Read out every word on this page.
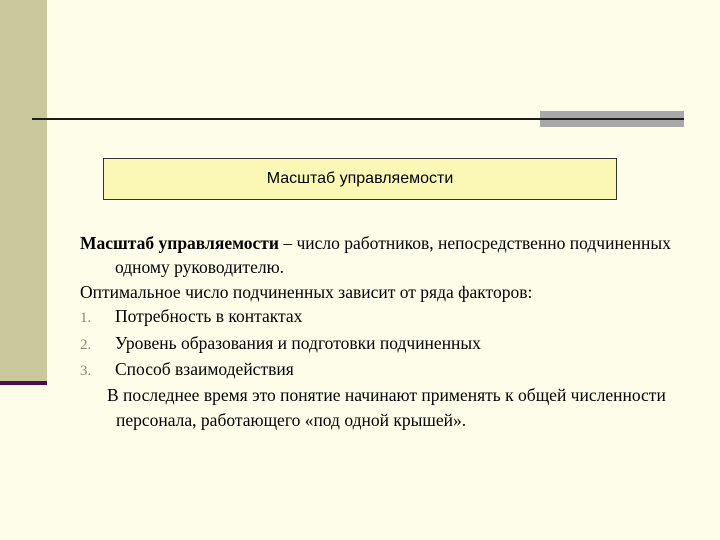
Масштаб управляемости

Масштаб управляемости – число работников, непосредственно подчиненных одному руководителю.

Оптимальное число подчиненных зависит от ряда факторов:

1.	Потребность в контактах
2.	Уровень образования и подготовки подчиненных
3.	Способ взаимодействия

В последнее время это понятие начинают применять к общей численности персонала, работающего «под одной крышей».
